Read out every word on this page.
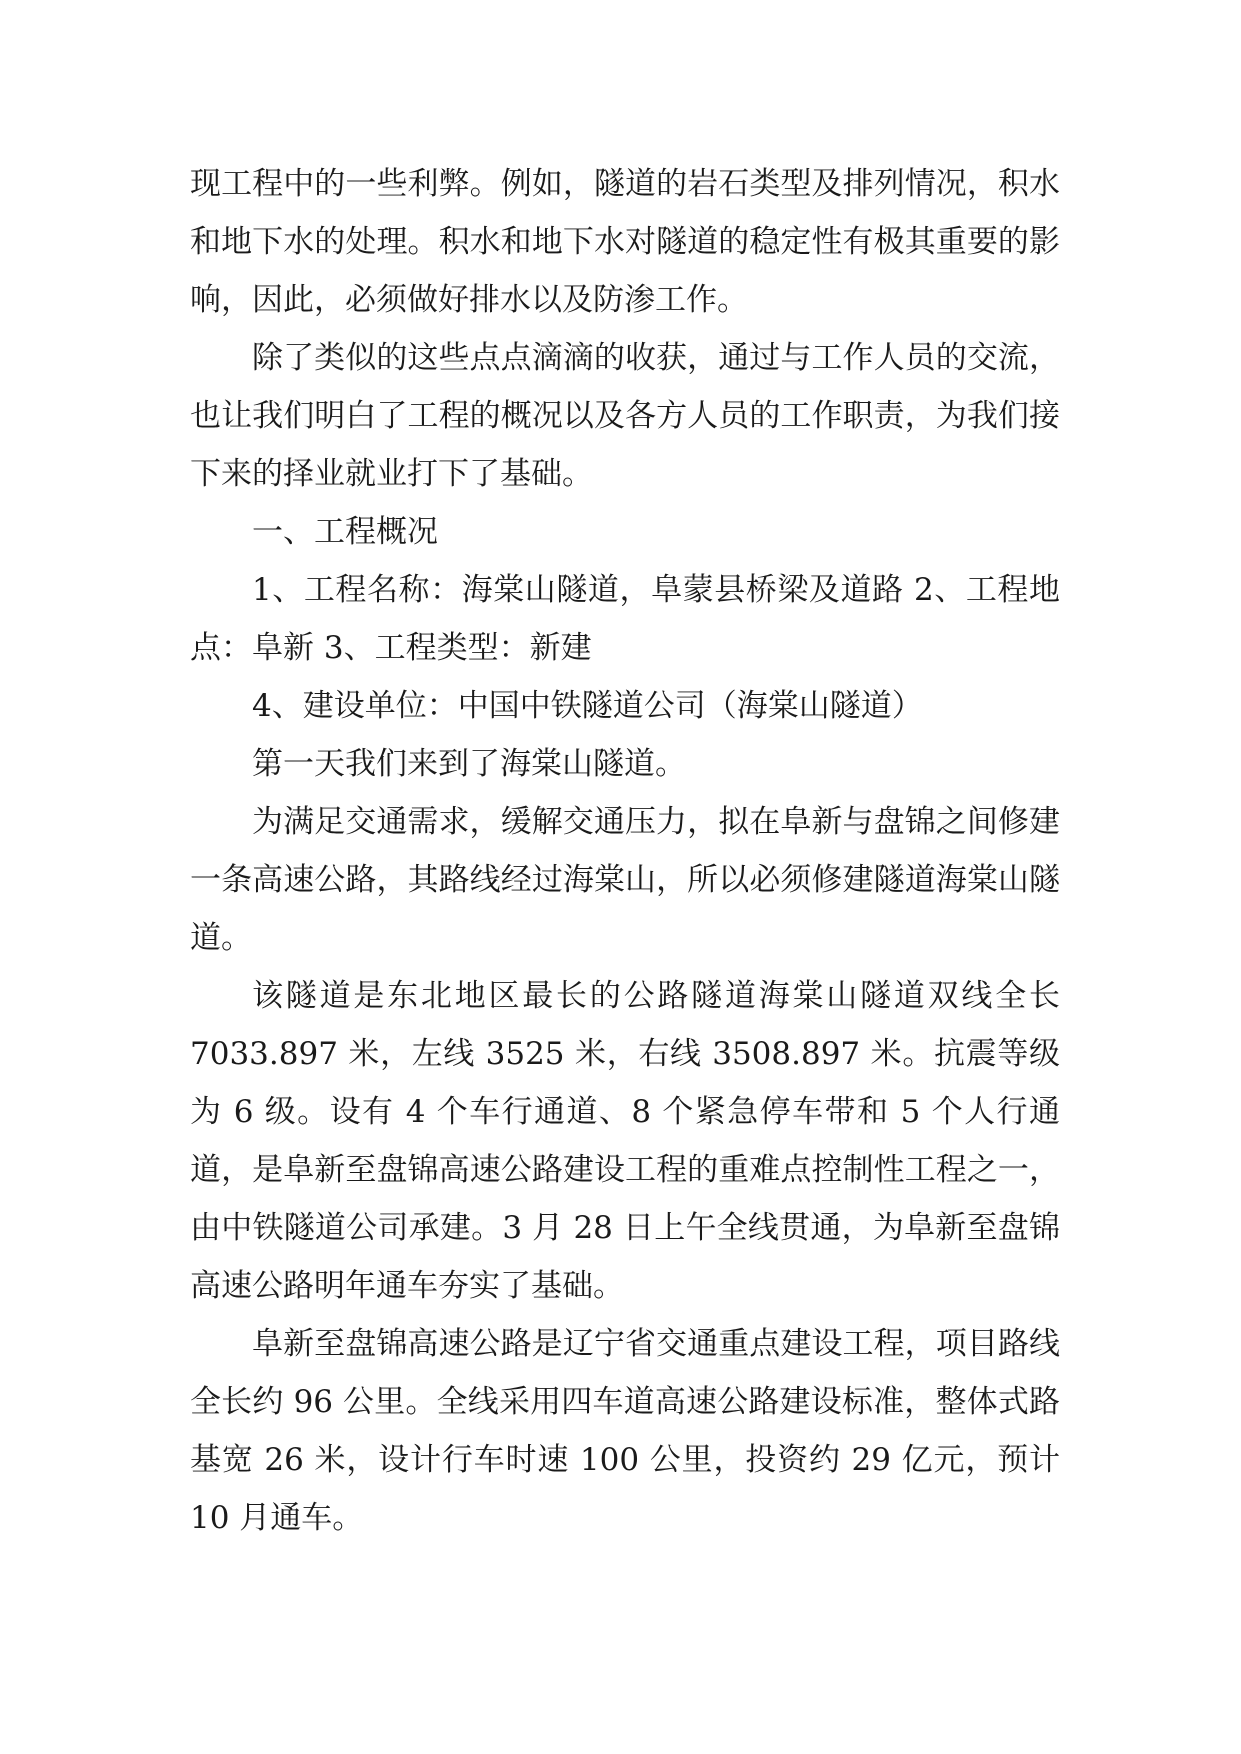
现工程中的一些利弊。例如，隧道的岩石类型及排列情况，积水和地下水的处理。积水和地下水对隧道的稳定性有极其重要的影响，因此，必须做好排水以及防渗工作。

除了类似的这些点点滴滴的收获，通过与工作人员的交流，也让我们明白了工程的概况以及各方人员的工作职责，为我们接下来的择业就业打下了基础。

一、工程概况

1、工程名称：海棠山隧道，阜蒙县桥梁及道路 2、工程地点：阜新 3、工程类型：新建

4、建设单位：中国中铁隧道公司（海棠山隧道）

第一天我们来到了海棠山隧道。

为满足交通需求，缓解交通压力，拟在阜新与盘锦之间修建一条高速公路，其路线经过海棠山，所以必须修建隧道海棠山隧道。

该隧道是东北地区最长的公路隧道海棠山隧道双线全长 7033.897 米，左线 3525 米，右线 3508.897 米。抗震等级为 6 级。设有 4 个车行通道、8 个紧急停车带和 5 个人行通道，是阜新至盘锦高速公路建设工程的重难点控制性工程之一，由中铁隧道公司承建。3 月 28 日上午全线贯通，为阜新至盘锦高速公路明年通车夯实了基础。

阜新至盘锦高速公路是辽宁省交通重点建设工程，项目路线全长约 96 公里。全线采用四车道高速公路建设标准，整体式路基宽 26 米，设计行车时速 100 公里，投资约 29 亿元，预计 10 月通车。
